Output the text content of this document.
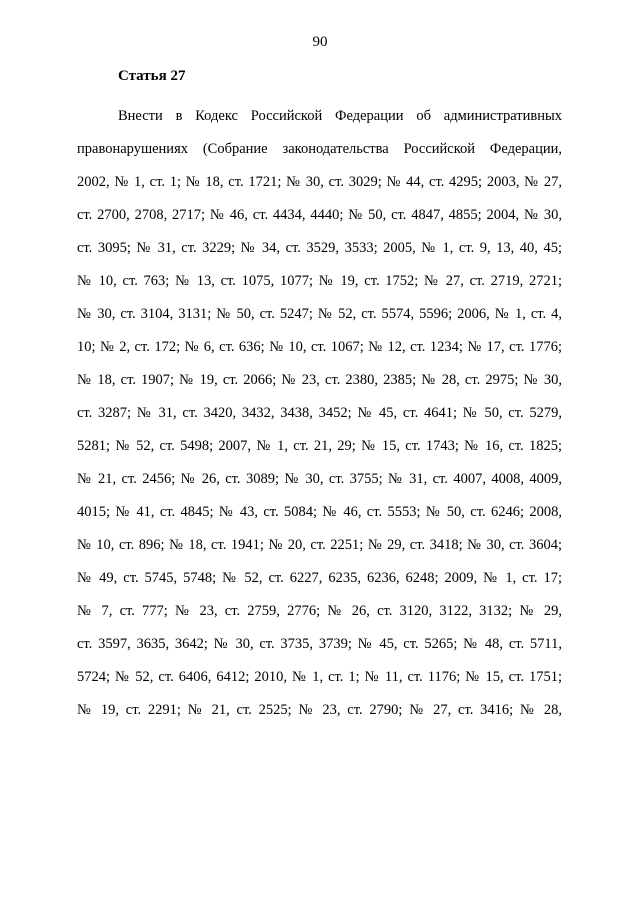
90
Статья 27
Внести в Кодекс Российской Федерации об административных
правонарушениях (Собрание законодательства Российской Федерации,
2002, № 1, ст. 1; № 18, ст. 1721; № 30, ст. 3029; № 44, ст. 4295; 2003, № 27,
ст. 2700, 2708, 2717; № 46, ст. 4434, 4440; № 50, ст. 4847, 4855; 2004, № 30,
ст. 3095; № 31, ст. 3229; № 34, ст. 3529, 3533; 2005, № 1, ст. 9, 13, 40, 45;
№ 10, ст. 763; № 13, ст. 1075, 1077; № 19, ст. 1752; № 27, ст. 2719, 2721;
№ 30, ст. 3104, 3131; № 50, ст. 5247; № 52, ст. 5574, 5596; 2006, № 1, ст. 4,
10; № 2, ст. 172; № 6, ст. 636; № 10, ст. 1067; № 12, ст. 1234; № 17, ст. 1776;
№ 18, ст. 1907; № 19, ст. 2066; № 23, ст. 2380, 2385; № 28, ст. 2975; № 30,
ст. 3287; № 31, ст. 3420, 3432, 3438, 3452; № 45, ст. 4641; № 50, ст. 5279,
5281; № 52, ст. 5498; 2007, № 1, ст. 21, 29; № 15, ст. 1743; № 16, ст. 1825;
№ 21, ст. 2456; № 26, ст. 3089; № 30, ст. 3755; № 31, ст. 4007, 4008, 4009,
4015; № 41, ст. 4845; № 43, ст. 5084; № 46, ст. 5553; № 50, ст. 6246; 2008,
№ 10, ст. 896; № 18, ст. 1941; № 20, ст. 2251; № 29, ст. 3418; № 30, ст. 3604;
№ 49, ст. 5745, 5748; № 52, ст. 6227, 6235, 6236, 6248; 2009, № 1, ст. 17;
№ 7, ст. 777; № 23, ст. 2759, 2776; № 26, ст. 3120, 3122, 3132; № 29,
ст. 3597, 3635, 3642; № 30, ст. 3735, 3739; № 45, ст. 5265; № 48, ст. 5711,
5724; № 52, ст. 6406, 6412; 2010, № 1, ст. 1; № 11, ст. 1176; № 15, ст. 1751;
№ 19, ст. 2291; № 21, ст. 2525; № 23, ст. 2790; № 27, ст. 3416; № 28,
